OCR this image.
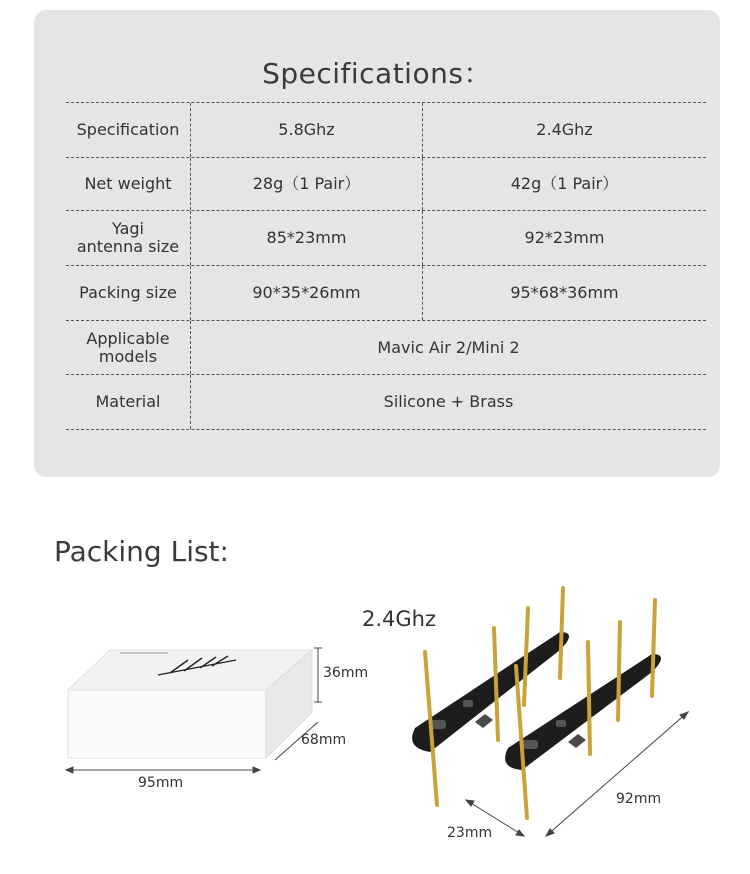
Specifications：
Specification	5.8Ghz	2.4Ghz
Net weight	28g（1 Pair）	42g（1 Pair）
Yagi
antenna size	85*23mm	92*23mm
Packing size	90*35*26mm	95*68*36mm
Applicable
models	Mavic Air 2/Mini 2
Material	Silicone + Brass
Packing List:
2.4Ghz
36mm
68mm
95mm
23mm
92mm
